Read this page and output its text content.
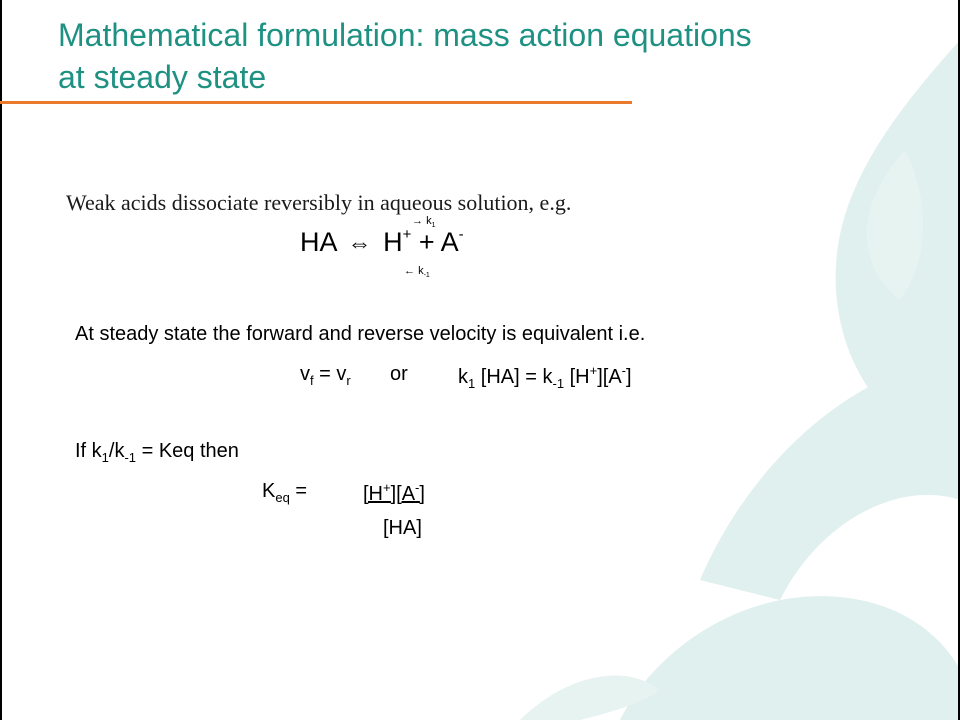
Mathematical formulation: mass action equations
at steady state
Weak acids dissociate reversibly in aqueous solution, e.g.
→ $k_1$
HA ⇔ H+ + A-
← $k_{-1}$
At steady state the forward and reverse velocity is equivalent i.e.
$v_f = v_r$ or	$k_1$ $[HA] = k_{-1}$ [H+][A-]
If $k_1/k_{-1}$ = Keq then
$K_{eq}$ =	[H+][A-]
[HA]
